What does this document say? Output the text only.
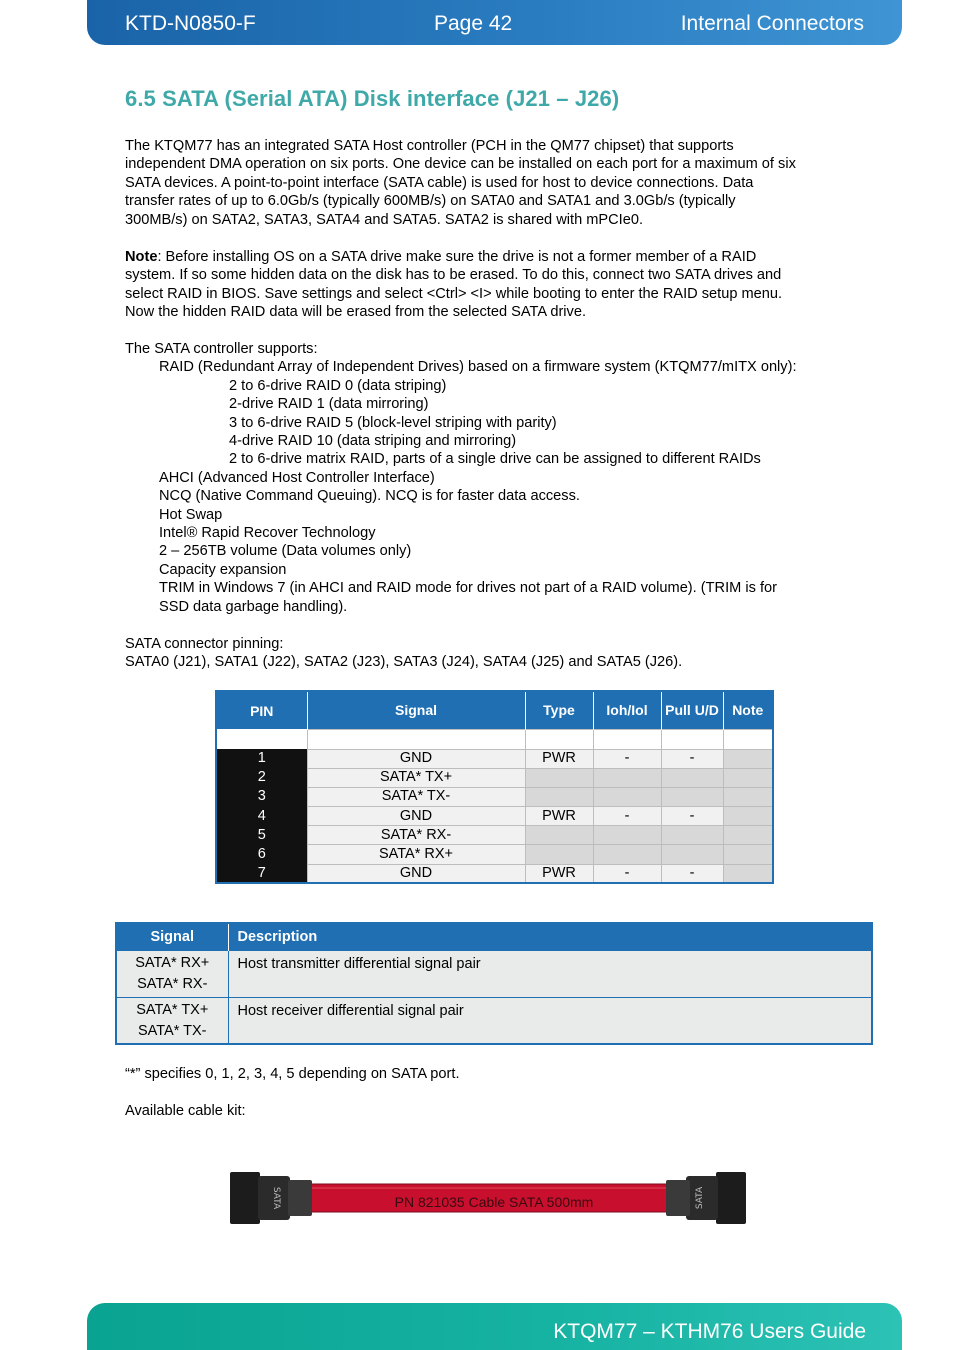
KTD-N0850-F	Page 42	Internal Connectors
6.5 SATA (Serial ATA) Disk interface (J21 – J26)
The KTQM77 has an integrated SATA Host controller (PCH in the QM77 chipset) that supports
independent DMA operation on six ports. One device can be installed on each port for a maximum of six
SATA devices. A point-to-point interface (SATA cable) is used for host to device connections. Data
transfer rates of up to 6.0Gb/s (typically 600MB/s) on SATA0 and SATA1 and 3.0Gb/s (typically
300MB/s) on SATA2, SATA3, SATA4 and SATA5. SATA2 is shared with mPCIe0.
Note: Before installing OS on a SATA drive make sure the drive is not a former member of a RAID
system. If so some hidden data on the disk has to be erased. To do this, connect two SATA drives and
select RAID in BIOS. Save settings and select <Ctrl> <I> while booting to enter the RAID setup menu.
Now the hidden RAID data will be erased from the selected SATA drive.
The SATA controller supports:
RAID (Redundant Array of Independent Drives) based on a firmware system (KTQM77/mITX only):
2 to 6-drive RAID 0 (data striping)
2-drive RAID 1 (data mirroring)
3 to 6-drive RAID 5 (block-level striping with parity)
4-drive RAID 10 (data striping and mirroring)
2 to 6-drive matrix RAID, parts of a single drive can be assigned to different RAIDs
AHCI (Advanced Host Controller Interface)
NCQ (Native Command Queuing). NCQ is for faster data access.
Hot Swap
Intel® Rapid Recover Technology
2 – 256TB volume (Data volumes only)
Capacity expansion
TRIM in Windows 7 (in AHCI and RAID mode for drives not part of a RAID volume). (TRIM is for
SSD data garbage handling).
SATA connector pinning:
SATA0 (J21), SATA1 (J22), SATA2 (J23), SATA3 (J24), SATA4 (J25) and SATA5 (J26).
PIN	Signal	Type	Ioh/Iol	Pull U/D	Note

1	GND	PWR	-	-	
2	SATA* TX+				
3	SATA* TX-				
4	GND	PWR	-	-	
5	SATA* RX-				
6	SATA* RX+				
7	GND	PWR	-	-	
Signal	Description

SATA* RX+
SATA* RX-	Host transmitter differential signal pair

SATA* TX+
SATA* TX-	Host receiver differential signal pair
“*” specifies 0, 1, 2, 3, 4, 5 depending on SATA port.
Available cable kit:
SATA	SATA
PN 821035 Cable SATA 500mm
KTQM77 – KTHM76 Users Guide
